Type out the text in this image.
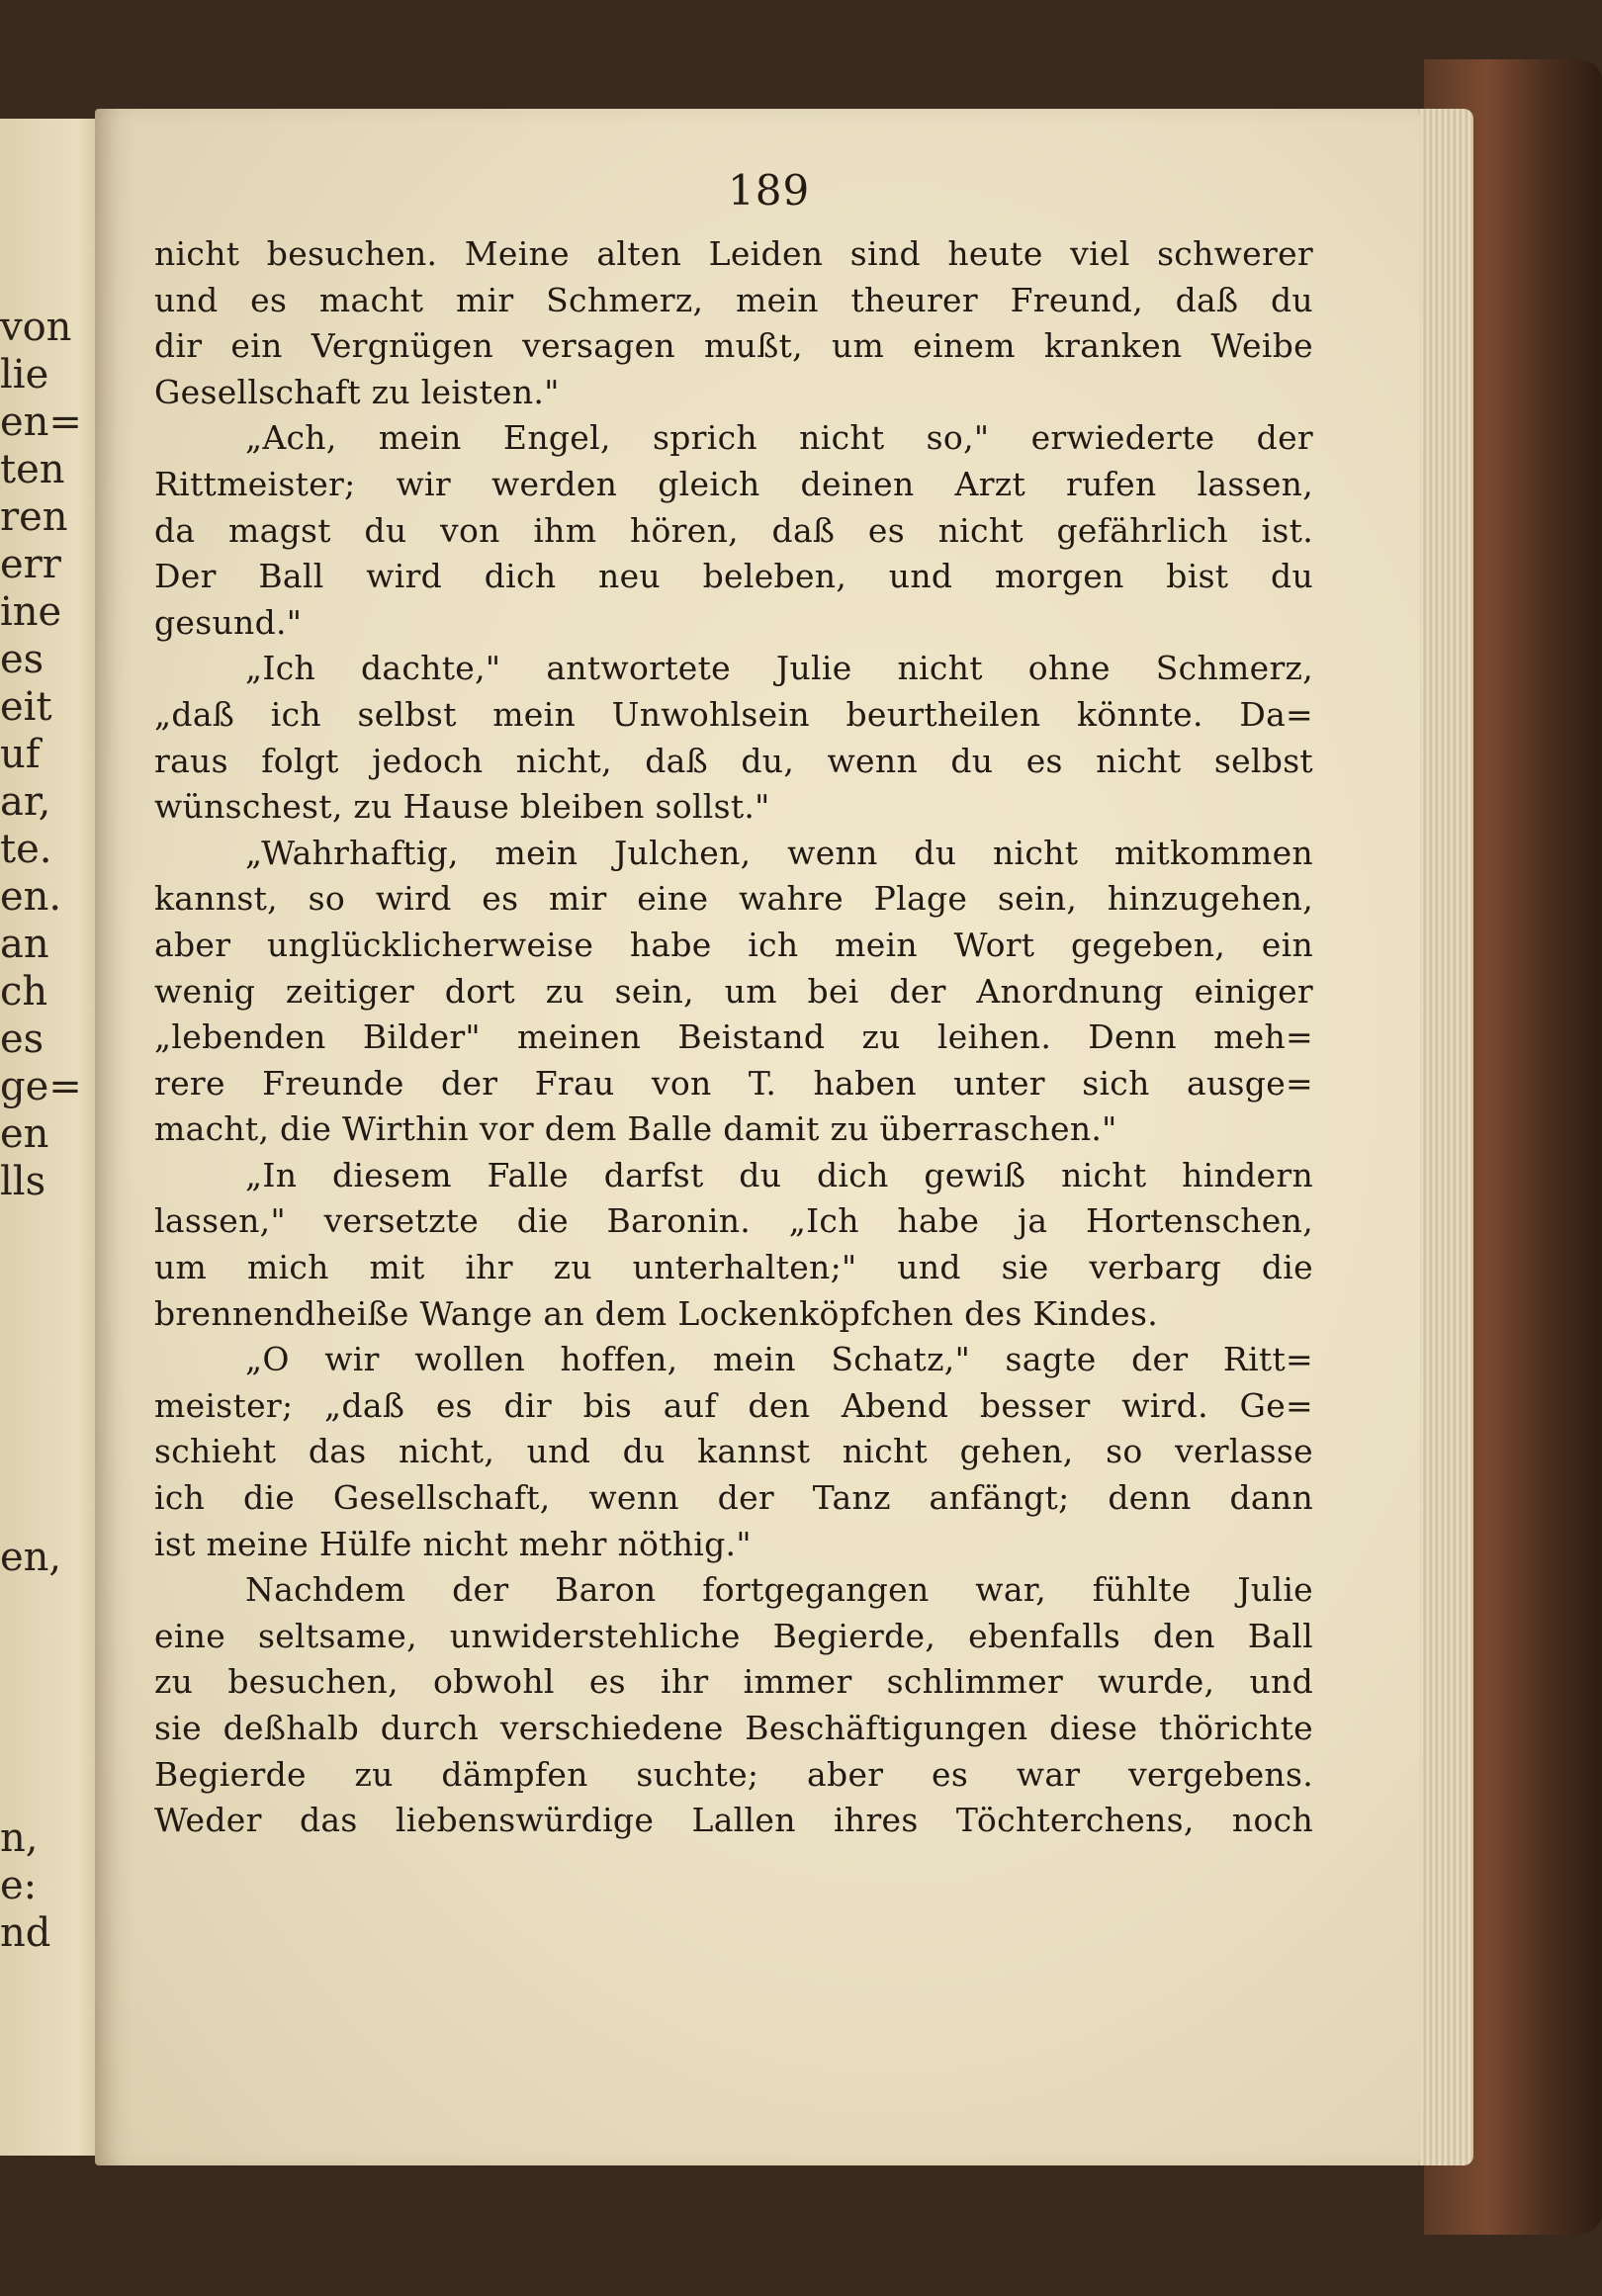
von
lie
en=
ten
ren
err
ine
es
eit
uf
ar,
te.
en.
an
ch
es
ge=
en
lls
en,
n,
e:
nd
189
nicht besuchen. Meine alten Leiden sind heute viel schwerer
und es macht mir Schmerz, mein theurer Freund, daß du
dir ein Vergnügen versagen mußt, um einem kranken Weibe
Gesellschaft zu leisten."
„Ach, mein Engel, sprich nicht so," erwiederte der
Rittmeister; wir werden gleich deinen Arzt rufen lassen,
da magst du von ihm hören, daß es nicht gefährlich ist.
Der Ball wird dich neu beleben, und morgen bist du
gesund."
„Ich dachte," antwortete Julie nicht ohne Schmerz,
„daß ich selbst mein Unwohlsein beurtheilen könnte. Da=
raus folgt jedoch nicht, daß du, wenn du es nicht selbst
wünschest, zu Hause bleiben sollst."
„Wahrhaftig, mein Julchen, wenn du nicht mitkommen
kannst, so wird es mir eine wahre Plage sein, hinzugehen,
aber unglücklicherweise habe ich mein Wort gegeben, ein
wenig zeitiger dort zu sein, um bei der Anordnung einiger
„lebenden Bilder" meinen Beistand zu leihen. Denn meh=
rere Freunde der Frau von T. haben unter sich ausge=
macht, die Wirthin vor dem Balle damit zu überraschen."
„In diesem Falle darfst du dich gewiß nicht hindern
lassen," versetzte die Baronin. „Ich habe ja Hortenschen,
um mich mit ihr zu unterhalten;" und sie verbarg die
brennendheiße Wange an dem Lockenköpfchen des Kindes.
„O wir wollen hoffen, mein Schatz," sagte der Ritt=
meister; „daß es dir bis auf den Abend besser wird. Ge=
schieht das nicht, und du kannst nicht gehen, so verlasse
ich die Gesellschaft, wenn der Tanz anfängt; denn dann
ist meine Hülfe nicht mehr nöthig."
Nachdem der Baron fortgegangen war, fühlte Julie
eine seltsame, unwiderstehliche Begierde, ebenfalls den Ball
zu besuchen, obwohl es ihr immer schlimmer wurde, und
sie deßhalb durch verschiedene Beschäftigungen diese thörichte
Begierde zu dämpfen suchte; aber es war vergebens.
Weder das liebenswürdige Lallen ihres Töchterchens, noch
